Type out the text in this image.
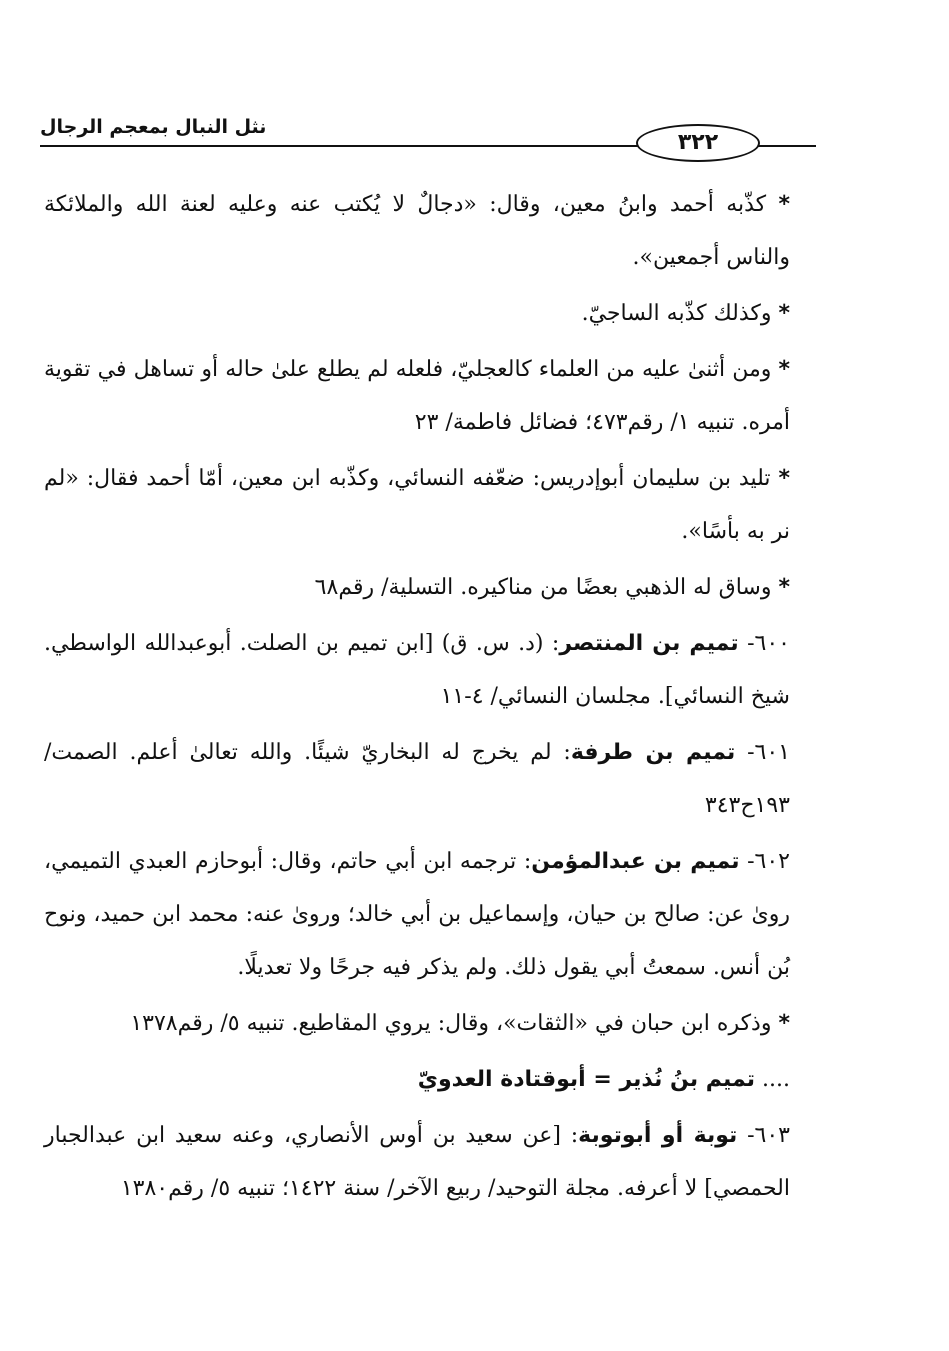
نثل النبال بمعجم الرجال
٣٢٢

* كذّبه أحمد وابنُ معين، وقال: «دجالٌ لا يُكتب عنه وعليه لعنة الله والملائكة والناس أجمعين».

* وكذلك كذّبه الساجيّ.

* ومن أثنىٰ عليه من العلماء كالعجليّ، فلعله لم يطلع علىٰ حاله أو تساهل في تقوية أمره. تنبيه ١/ رقم٤٧٣؛ فضائل فاطمة/ ٢٣

* تليد بن سليمان أبوإدريس: ضعّفه النسائي، وكذّبه ابن معين، أمّا أحمد فقال: «لم نر به بأسًا».

* وساق له الذهبي بعضًا من مناكيره. التسلية/ رقم٦٨

٦٠٠- تميم بن المنتصر: (د. س. ق) [ابن تميم بن الصلت. أبوعبدالله الواسطي. شيخ النسائي]. مجلسان النسائي/ ٤-١١

٦٠١- تميم بن طرفة: لم يخرج له البخاريّ شيئًا. والله تعالىٰ أعلم. الصمت/ ١٩٣ح٣٤٣

٦٠٢- تميم بن عبدالمؤمن: ترجمه ابن أبي حاتم، وقال: أبوحازم العبدي التميمي، روىٰ عن: صالح بن حيان، وإسماعيل بن أبي خالد؛ وروىٰ عنه: محمد ابن حميد، ونوح بُن أنس. سمعتُ أبي يقول ذلك. ولم يذكر فيه جرحًا ولا تعديلًا.

* وذكره ابن حبان في «الثقات»، وقال: يروي المقاطيع. تنبيه ٥/ رقم١٣٧٨

.... تميم بنُ نُذير = أبوقتادة العدويّ

٦٠٣- توبة أو أبوتوبة: [عن سعيد بن أوس الأنصاري، وعنه سعيد ابن عبدالجبار الحمصي] لا أعرفه. مجلة التوحيد/ ربيع الآخر/ سنة ١٤٢٢؛ تنبيه ٥/ رقم١٣٨٠
